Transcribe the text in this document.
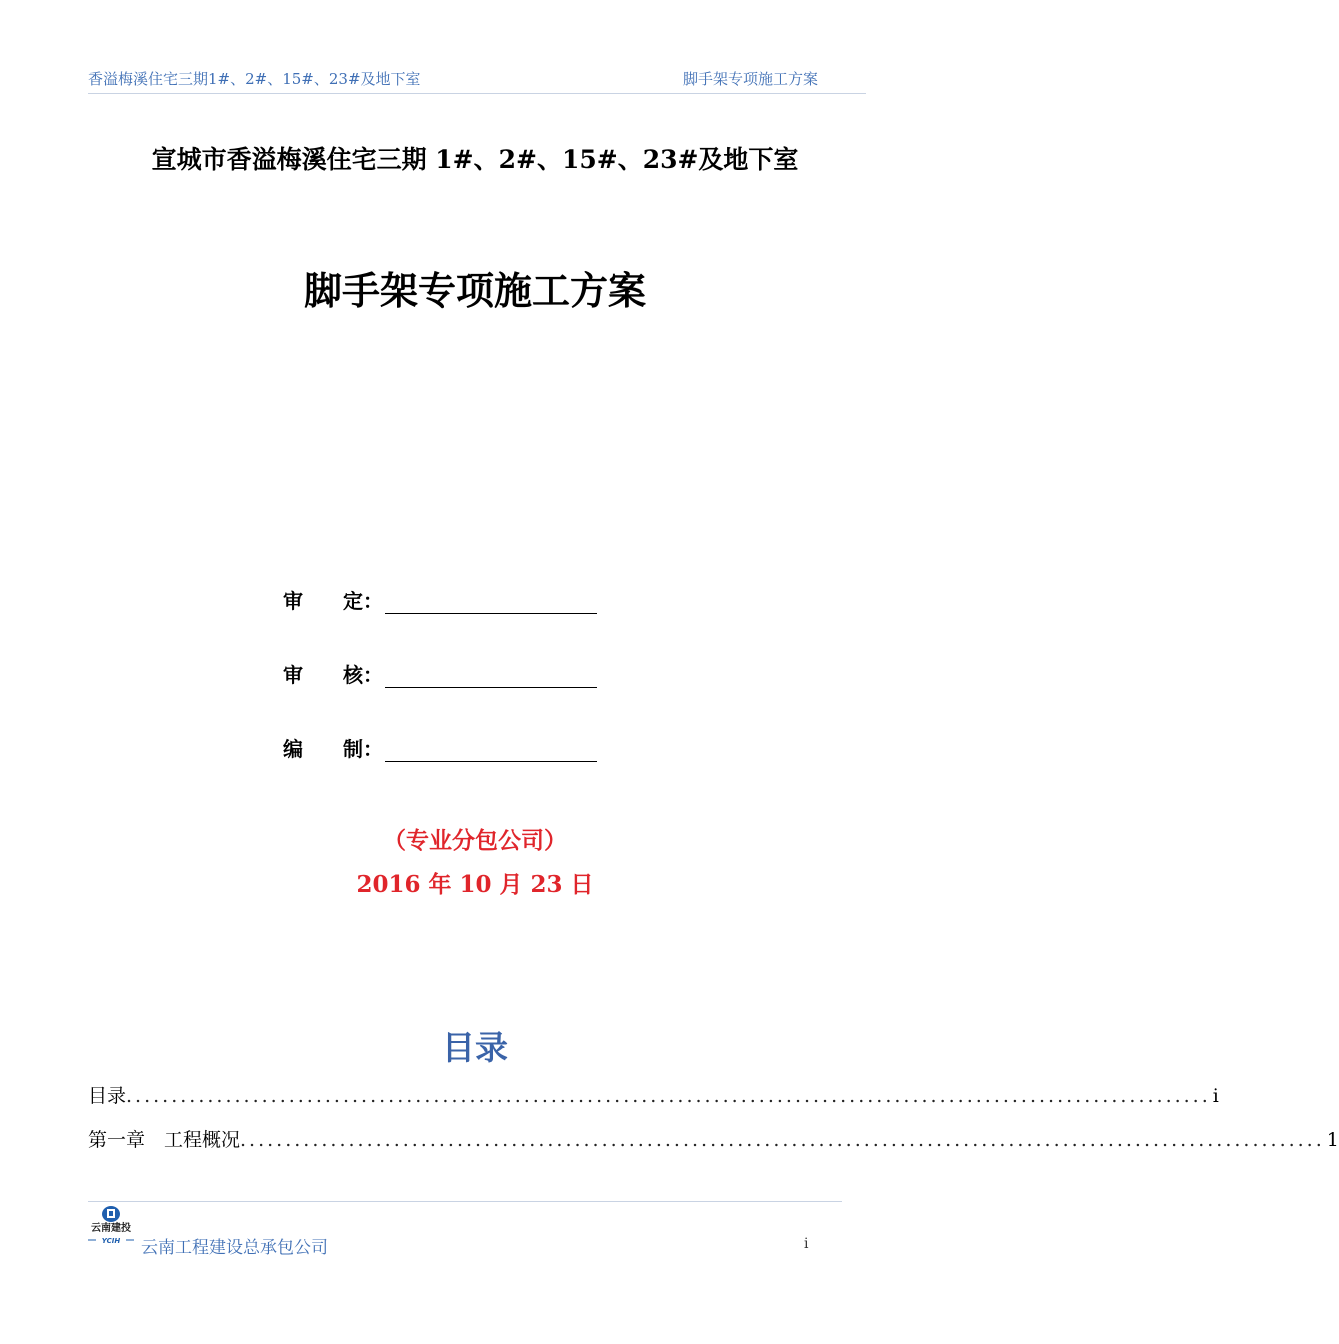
香溢梅溪住宅三期1#、2#、15#、23#及地下室	脚手架专项施工方案
宣城市香溢梅溪住宅三期 1#、2#、15#、23#及地下室
脚手架专项施工方案
审	定：
审	核：
编	制：
（专业分包公司）
2016 年 10 月 23 日
目录
目录 ........................................................................................................................ i
第一章　工程概况 ........................................................................................................................ 1
云南建投
YCIH 云南工程建设总承包公司	i
